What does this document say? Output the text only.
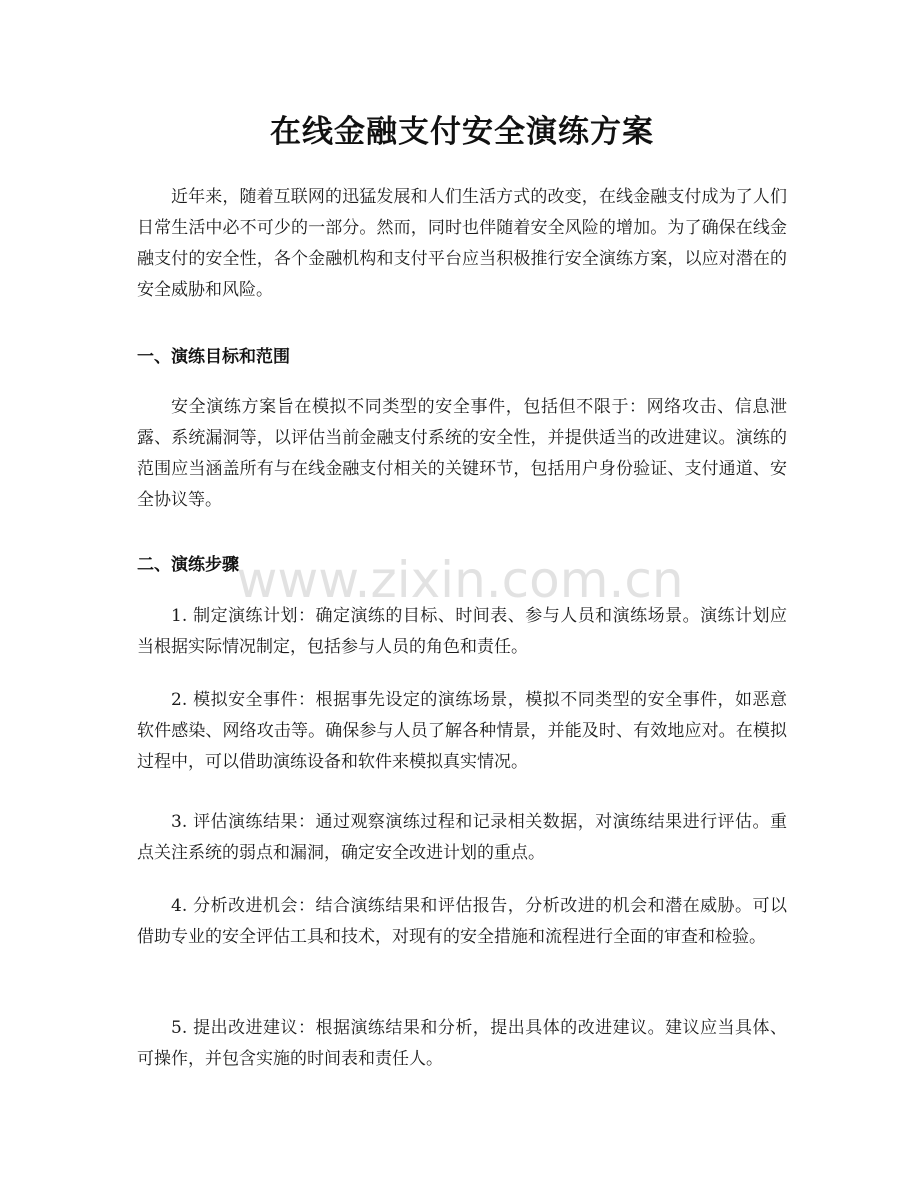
在线金融支付安全演练方案

近年来，随着互联网的迅猛发展和人们生活方式的改变，在线金融支付成为了人们日常生活中必不可少的一部分。然而，同时也伴随着安全风险的增加。为了确保在线金融支付的安全性，各个金融机构和支付平台应当积极推行安全演练方案，以应对潜在的安全威胁和风险。

一、演练目标和范围

安全演练方案旨在模拟不同类型的安全事件，包括但不限于：网络攻击、信息泄露、系统漏洞等，以评估当前金融支付系统的安全性，并提供适当的改进建议。演练的范围应当涵盖所有与在线金融支付相关的关键环节，包括用户身份验证、支付通道、安全协议等。

二、演练步骤

1. 制定演练计划：确定演练的目标、时间表、参与人员和演练场景。演练计划应当根据实际情况制定，包括参与人员的角色和责任。

2. 模拟安全事件：根据事先设定的演练场景，模拟不同类型的安全事件，如恶意软件感染、网络攻击等。确保参与人员了解各种情景，并能及时、有效地应对。在模拟过程中，可以借助演练设备和软件来模拟真实情况。

3. 评估演练结果：通过观察演练过程和记录相关数据，对演练结果进行评估。重点关注系统的弱点和漏洞，确定安全改进计划的重点。

4. 分析改进机会：结合演练结果和评估报告，分析改进的机会和潜在威胁。可以借助专业的安全评估工具和技术，对现有的安全措施和流程进行全面的审查和检验。

5. 提出改进建议：根据演练结果和分析，提出具体的改进建议。建议应当具体、可操作，并包含实施的时间表和责任人。

www.zixin.com.cn
